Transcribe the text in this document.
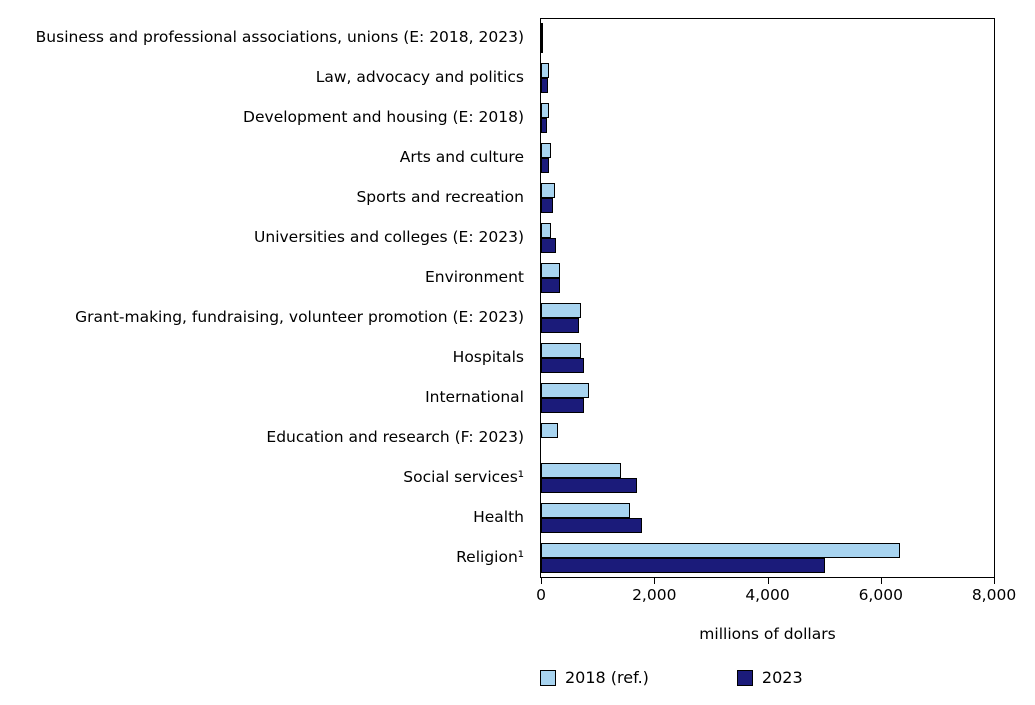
Business and professional associations, unions (E: 2018, 2023)
Law, advocacy and politics
Development and housing (E: 2018)
Arts and culture
Sports and recreation
Universities and colleges (E: 2023)
Environment
Grant-making, fundraising, volunteer promotion (E: 2023)
Hospitals
International
Education and research (F: 2023)
Social services¹
Health
Religion¹
0	2,000	4,000	6,000	8,000
millions of dollars
2018 (ref.)	2023
